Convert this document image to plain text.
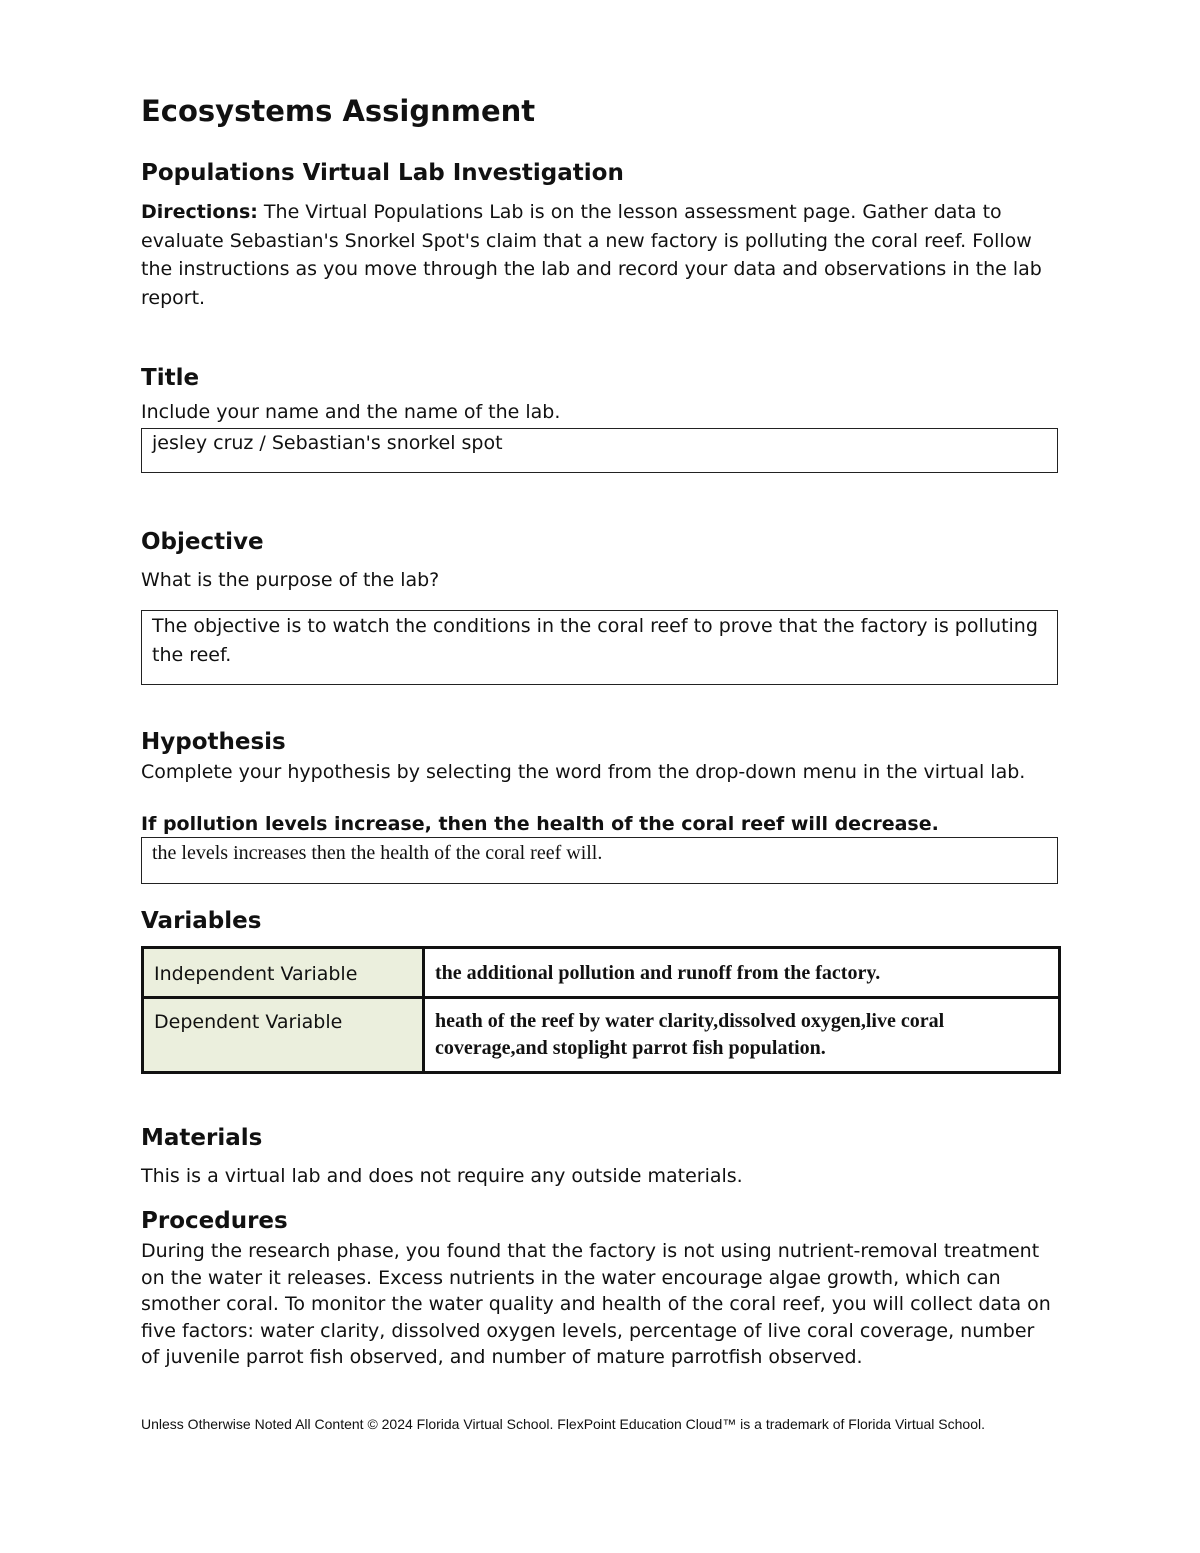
Ecosystems Assignment
Populations Virtual Lab Investigation

Directions: The Virtual Populations Lab is on the lesson assessment page. Gather data to evaluate Sebastian's Snorkel Spot's claim that a new factory is polluting the coral reef. Follow the instructions as you move through the lab and record your data and observations in the lab report.

Title

Include your name and the name of the lab.

jesley cruz / Sebastian's snorkel spot
Objective

What is the purpose of the lab?

The objective is to watch the conditions in the coral reef to prove that the factory is polluting the reef.
Hypothesis

Complete your hypothesis by selecting the word from the drop-down menu in the virtual lab.

If pollution levels increase, then the health of the coral reef will decrease.

the levels increases then the health of the coral reef will.
Variables
Independent Variable	the additional pollution and runoff from the factory.
Dependent Variable	heath of the reef by water clarity,dissolved oxygen,live coral coverage,and stoplight parrot fish population.
Materials

This is a virtual lab and does not require any outside materials.

Procedures

During the research phase, you found that the factory is not using nutrient-removal treatment on the water it releases. Excess nutrients in the water encourage algae growth, which can smother coral. To monitor the water quality and health of the coral reef, you will collect data on five factors: water clarity, dissolved oxygen levels, percentage of live coral coverage, number of juvenile parrot fish observed, and number of mature parrotfish observed.

Unless Otherwise Noted All Content © 2024 Florida Virtual School. FlexPoint Education Cloud™ is a trademark of Florida Virtual School.
